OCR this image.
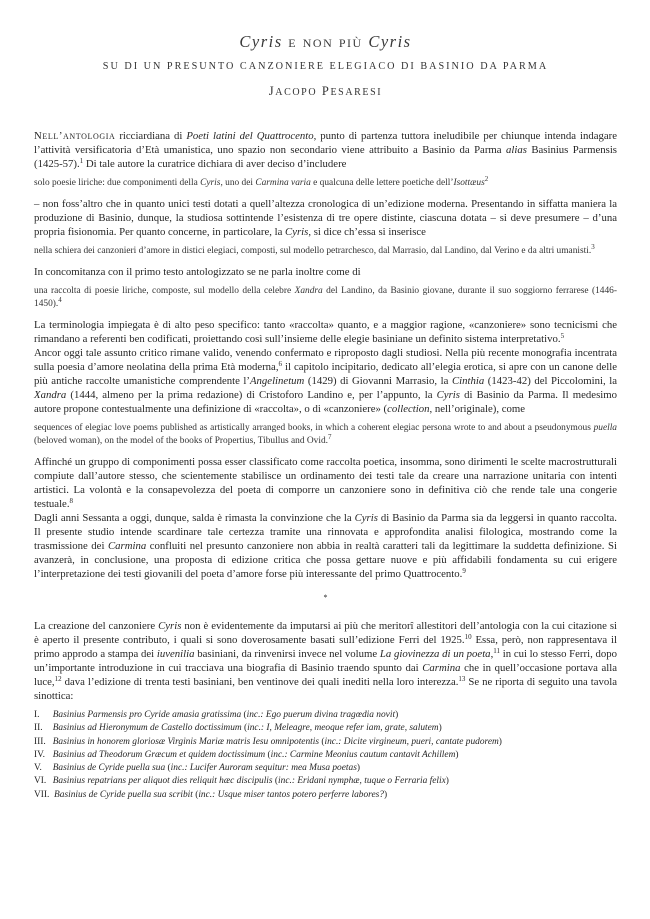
Cyris e non più Cyris
SU DI UN PRESUNTO CANZONIERE ELEGIACO DI BASINIO DA PARMA
JACOPO PESARESI

Nell’antologia ricciardiana di Poeti latini del Quattrocento, punto di partenza tuttora ineludibile per chiunque intenda indagare l’attività versificatoria d’Età umanistica, uno spazio non secondario viene attribuito a Basinio da Parma alias Basinius Parmensis (1425-57).$^1$ Di tale autore la curatrice dichiara di aver deciso d’includere

solo poesie liriche: due componimenti della Cyris, uno dei Carmina varia e qualcuna delle lettere poetiche dell’Isottæus$^2$

– non foss’altro che in quanto unici testi dotati a quell’altezza cronologica di un’edizione moderna. Presentando in siffatta maniera la produzione di Basinio, dunque, la studiosa sottintende l’esistenza di tre opere distinte, ciascuna dotata – si deve presumere – d’una propria fisionomia. Per quanto concerne, in particolare, la Cyris, si dice ch’essa si inserisce

nella schiera dei canzonieri d’amore in distici elegiaci, composti, sul modello petrarchesco, dal Marrasio, dal Landino, dal Verino e da altri umanisti.$^3$

In concomitanza con il primo testo antologizzato se ne parla inoltre come di

una raccolta di poesie liriche, composte, sul modello della celebre Xandra del Landino, da Basinio giovane, durante il suo soggiorno ferrarese (1446-1450).$^4$

La terminologia impiegata è di alto peso specifico: tanto «raccolta» quanto, e a maggior ragione, «canzoniere» sono tecnicismi che rimandano a referenti ben codificati, proiettando così sull’insieme delle elegie basiniane un definito sistema interpretativo.$^5$

Ancor oggi tale assunto critico rimane valido, venendo confermato e riproposto dagli studiosi. Nella più recente monografia incentrata sulla poesia d’amore neolatina della prima Età moderna,$^6$ il capitolo incipitario, dedicato all’elegia erotica, si apre con un canone delle più antiche raccolte umanistiche comprendente l’Angelinetum (1429) di Giovanni Marrasio, la Cinthia (1423-42) del Piccolomini, la Xandra (1444, almeno per la prima redazione) di Cristoforo Landino e, per l’appunto, la Cyris di Basinio da Parma. Il medesimo autore propone contestualmente una definizione di «raccolta», o di «canzoniere» (collection, nell’originale), come

sequences of elegiac love poems published as artistically arranged books, in which a coherent elegiac persona wrote to and about a pseudonymous puella (beloved woman), on the model of the books of Propertius, Tibullus and Ovid.$^7$

Affinché un gruppo di componimenti possa esser classificato come raccolta poetica, insomma, sono dirimenti le scelte macrostrutturali compiute dall’autore stesso, che scientemente stabilisce un ordinamento dei testi tale da creare una narrazione unitaria con intenti artistici. La volontà e la consapevolezza del poeta di comporre un canzoniere sono in definitiva ciò che rende tale una congerie testuale.$^8$

Dagli anni Sessanta a oggi, dunque, salda è rimasta la convinzione che la Cyris di Basinio da Parma sia da leggersi in quanto raccolta. Il presente studio intende scardinare tale certezza tramite una rinnovata e approfondita analisi filologica, mostrando come la trasmissione dei Carmina confluiti nel presunto canzoniere non abbia in realtà caratteri tali da legittimare la suddetta definizione. Si avanzerà, in conclusione, una proposta di edizione critica che possa gettare nuove e più affidabili fondamenta su cui erigere l’interpretazione dei testi giovanili del poeta d’amore forse più interessante del primo Quattrocento.$^9$

*

La creazione del canzoniere Cyris non è evidentemente da imputarsi ai più che meritorî allestitori dell’antologia con la cui citazione si è aperto il presente contributo, i quali si sono doverosamente basati sull’edizione Ferri del 1925.10 Essa, però, non rappresentava il primo approdo a stampa dei iuvenilia basiniani, da rinvenirsi invece nel volume La giovinezza di un poeta,$^{11}$ in cui lo stesso Ferri, dopo un’importante introduzione in cui tracciava una biografia di Basinio traendo spunto dai Carmina che in quell’occasione portava alla luce,$^{12}$ dava l’edizione di trenta testi basiniani, ben ventinove dei quali inediti nella loro interezza.$^{13}$ Se ne riporta di seguito una tavola sinottica:

I.	Basinius Parmensis pro Cyride amasia gratissima (inc.: Ego puerum divina tragœdia novit)
II.	Basinius ad Hieronymum de Castello doctissimum (inc.: I, Meleagre, meoque refer iam, grate, salutem)
III. Basinius in honorem gloriosæ Virginis Mariæ matris Iesu omnipotentis (inc.: Dicite virgineum, pueri, cantate pudorem)
IV. Basinius ad Theodorum Græcum et quidem doctissimum (inc.: Carmine Meonius cautum cantavit Achillem)
V.	Basinius de Cyride puella sua (inc.: Lucifer Auroram sequitur: mea Musa poetas)
VI. Basinius repatrians per aliquot dies reliquit hæc discipulis (inc.: Eridani nymphæ, tuque o Ferraria felix)
VII. Basinius de Cyride puella sua scribit (inc.: Usque miser tantos potero perferre labores?)
